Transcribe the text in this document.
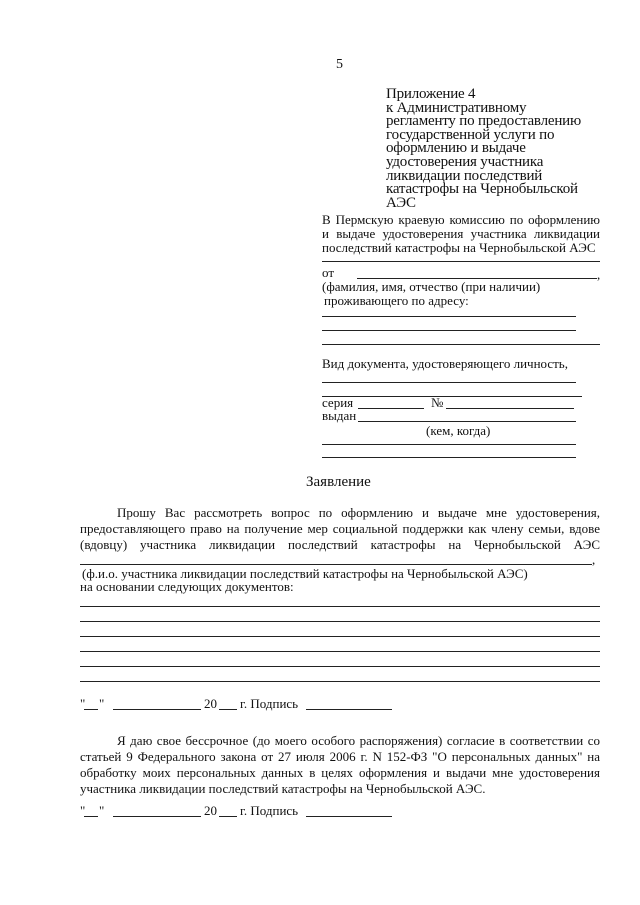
5
Приложение 4
к Административному
регламенту по предоставлению
государственной услуги по
оформлению и выдаче
удостоверения участника
ликвидации последствий
катастрофы на Чернобыльской
АЭС
В Пермскую краевую комиссию по оформлению
и выдаче удостоверения участника ликвидации
последствий катастрофы на Чернобыльской АЭС
от	,
(фамилия, имя, отчество (при наличии)
проживающего по адресу:
Вид документа, удостоверяющего личность,
серия	№
выдан
(кем, когда)
Заявление
Прошу Вас рассмотреть вопрос по оформлению и выдаче мне удостоверения,
предоставляющего право на получение мер социальной поддержки как члену семьи, вдове
(вдовцу) участника ликвидации последствий катастрофы на Чернобыльской АЭС
,
(ф.и.о. участника ликвидации последствий катастрофы на Чернобыльской АЭС)
на основании следующих документов:
" "	20 г. Подпись
Я даю свое бессрочное (до моего особого распоряжения) согласие в соответствии со
статьей 9 Федерального закона от 27 июля 2006 г. N 152-ФЗ "О персональных данных" на
обработку моих персональных данных в целях оформления и выдачи мне удостоверения
участника ликвидации последствий катастрофы на Чернобыльской АЭС.
" "	20 г. Подпись
